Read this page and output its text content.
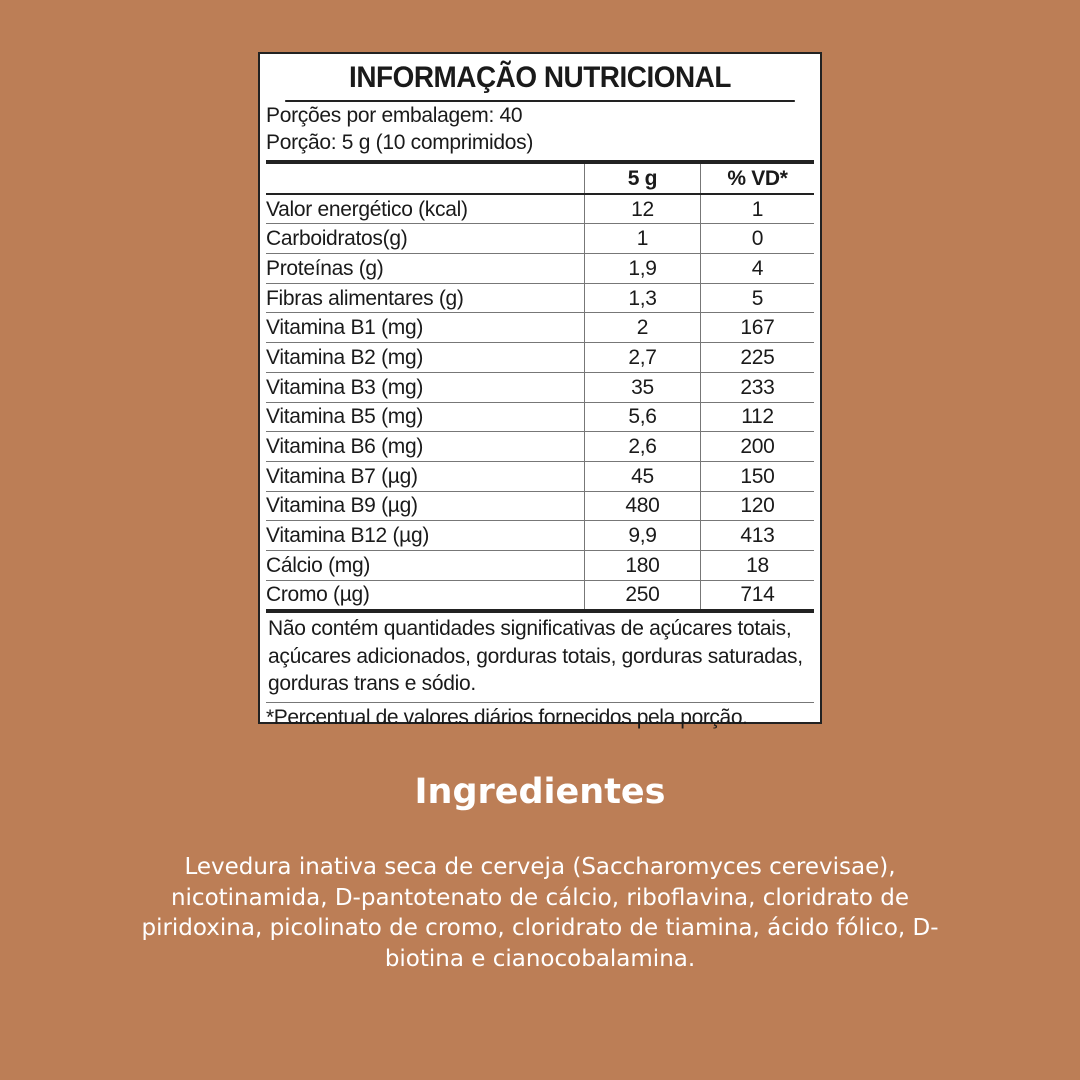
INFORMAÇÃO NUTRICIONAL
Porções por embalagem: 40
Porção: 5 g (10 comprimidos)
	5 g	% VD*
Valor energético (kcal)	12	1
Carboidratos(g)	1	0
Proteínas (g)	1,9	4
Fibras alimentares (g)	1,3	5
Vitamina B1 (mg)	2	167
Vitamina B2 (mg)	2,7	225
Vitamina B3 (mg)	35	233
Vitamina B5 (mg)	5,6	112
Vitamina B6 (mg)	2,6	200
Vitamina B7 (µg)	45	150
Vitamina B9 (µg)	480	120
Vitamina B12 (µg)	9,9	413
Cálcio (mg)	180	18
Cromo (µg)	250	714
Não contém quantidades significativas de açúcares totais, açúcares adicionados, gorduras totais, gorduras saturadas, gorduras trans e sódio.
*Percentual de valores diários fornecidos pela porção.
Ingredientes
Levedura inativa seca de cerveja (Saccharomyces cerevisae), nicotinamida, D-pantotenato de cálcio, riboflavina, cloridrato de piridoxina, picolinato de cromo, cloridrato de tiamina, ácido fólico, D-biotina e cianocobalamina.
